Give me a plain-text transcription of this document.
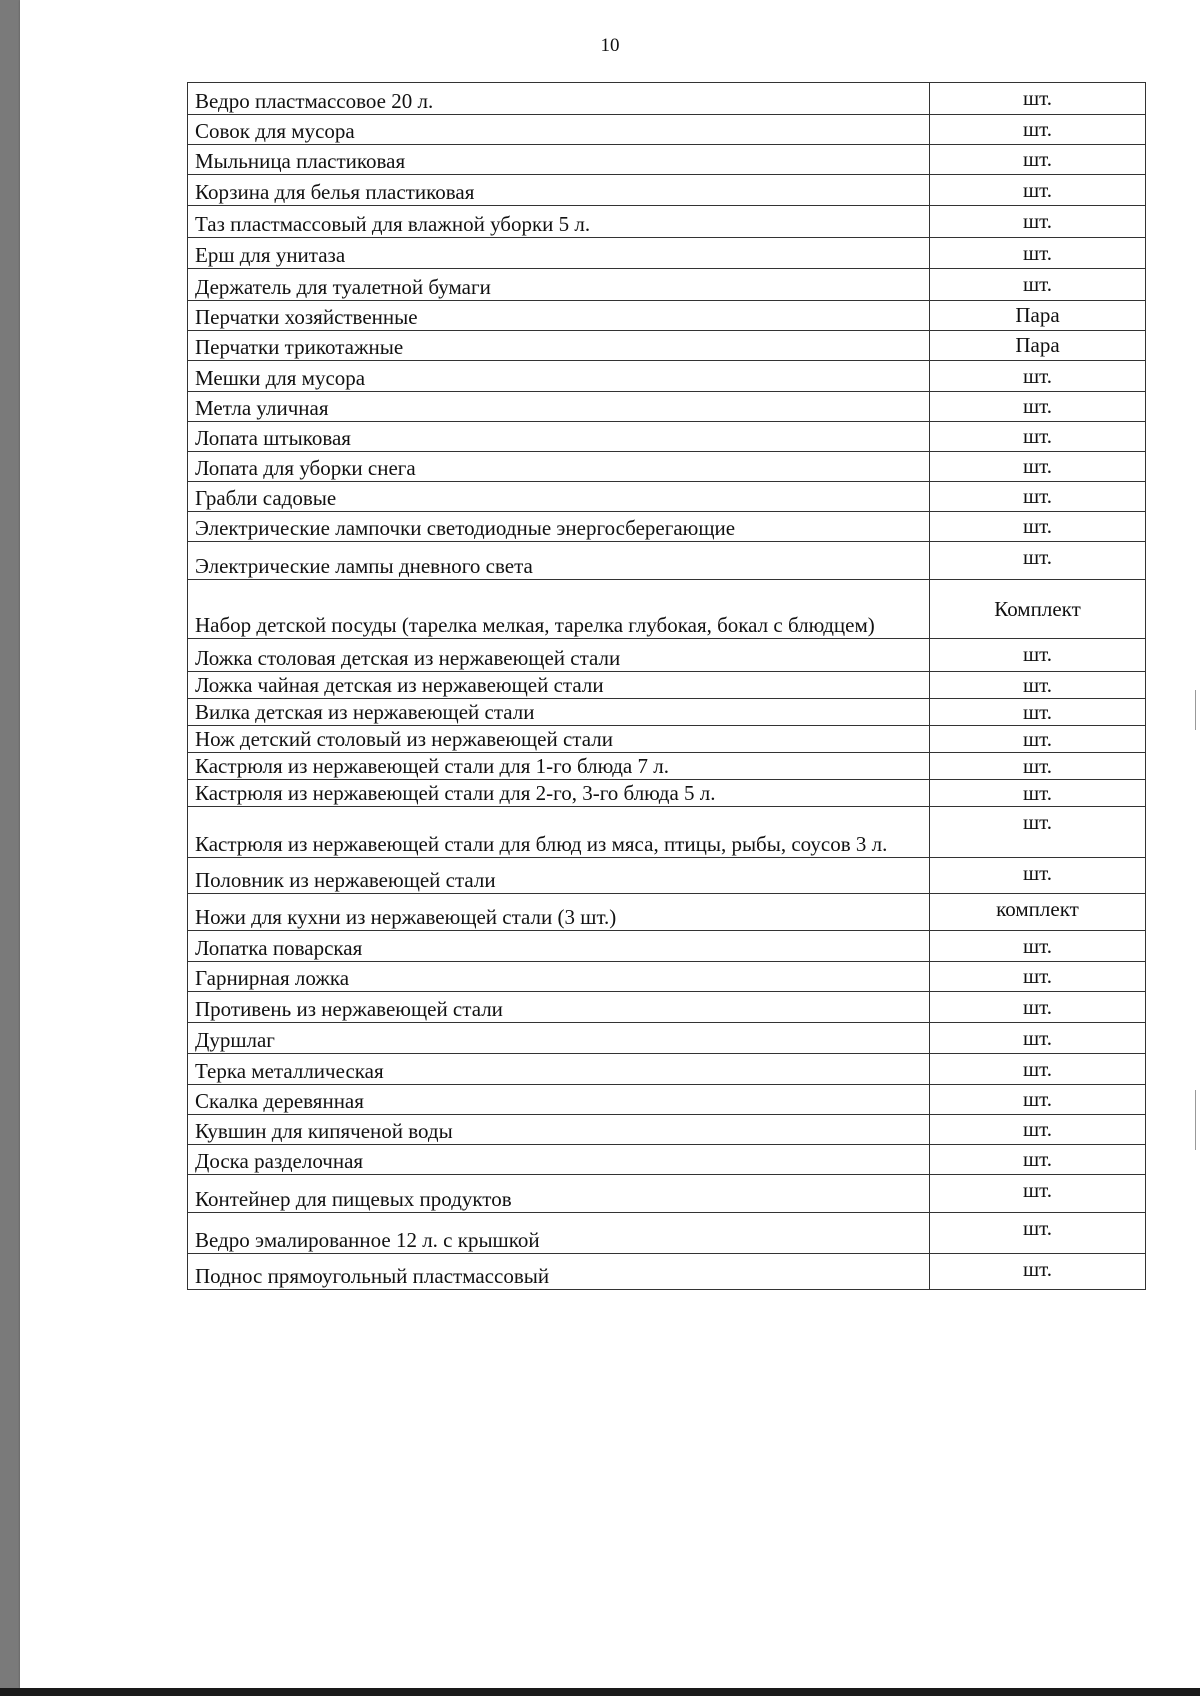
10
Ведро пластмассовое 20 л.	шт.
Совок для мусора	шт.
Мыльница пластиковая	шт.
Корзина для белья пластиковая	шт.
Таз пластмассовый для влажной уборки 5 л.	шт.
Ерш для унитаза	шт.
Держатель для туалетной бумаги	шт.
Перчатки хозяйственные	Пара
Перчатки трикотажные	Пара
Мешки для мусора	шт.
Метла уличная	шт.
Лопата штыковая	шт.
Лопата для уборки снега	шт.
Грабли садовые	шт.
Электрические лампочки светодиодные энергосберегающие	шт.
Электрические лампы дневного света	шт.
Набор детской посуды (тарелка мелкая, тарелка глубокая, бокал с блюдцем)	Комплект
Ложка столовая детская из нержавеющей стали	шт.
Ложка чайная детская из нержавеющей стали	шт.
Вилка детская из нержавеющей стали	шт.
Нож детский столовый из нержавеющей стали	шт.
Кастрюля из нержавеющей стали для 1-го блюда 7 л.	шт.
Кастрюля из нержавеющей стали для 2-го, 3-го блюда 5 л.	шт.
Кастрюля из нержавеющей стали для блюд из мяса, птицы, рыбы, соусов 3 л.	шт.
Половник из нержавеющей стали	шт.
Ножи для кухни из нержавеющей стали (3 шт.)	комплект
Лопатка поварская	шт.
Гарнирная ложка	шт.
Противень из нержавеющей стали	шт.
Дуршлаг	шт.
Терка металлическая	шт.
Скалка деревянная	шт.
Кувшин для кипяченой воды	шт.
Доска разделочная	шт.
Контейнер для пищевых продуктов	шт.
Ведро эмалированное 12 л. с крышкой	шт.
Поднос прямоугольный пластмассовый	шт.
